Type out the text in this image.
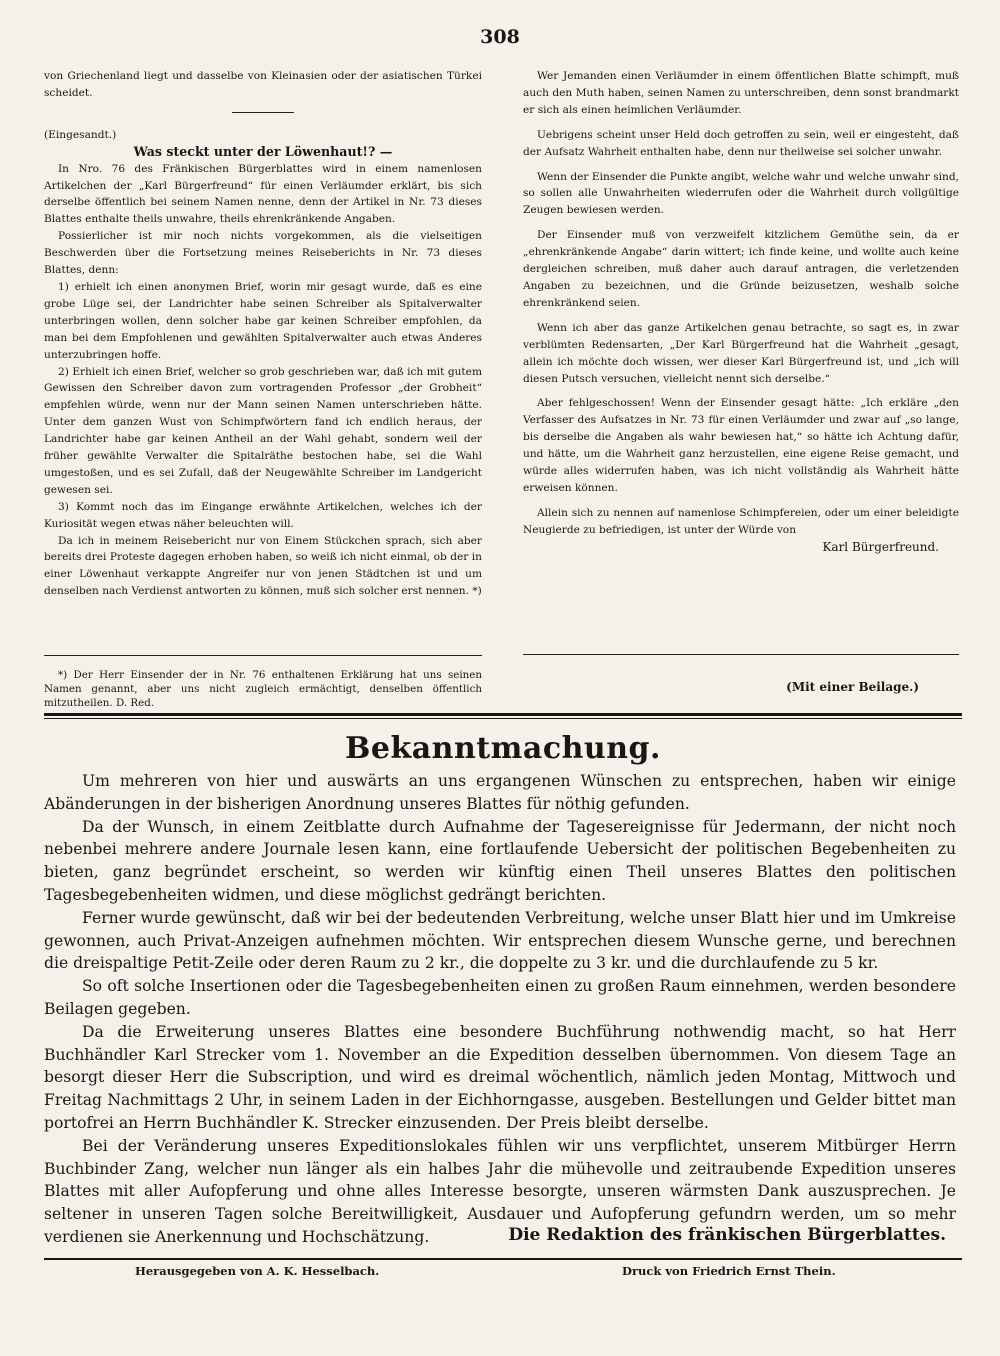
308

von Griechenland liegt und dasselbe von Kleinasien oder der asiatischen Türkei scheidet.

(Eingesandt.)

Was steckt unter der Löwenhaut!? —

In Nro. 76 des Fränkischen Bürgerblattes wird in einem namenlosen Artikelchen der „Karl Bürgerfreund“ für einen Verläumder erklärt, bis sich derselbe öffentlich bei seinem Namen nenne, denn der Artikel in Nr. 73 dieses Blattes enthalte theils unwahre, theils ehrenkränkende Angaben.

Possierlicher ist mir noch nichts vorgekommen, als die vielseitigen Beschwerden über die Fortsetzung meines Reiseberichts in Nr. 73 dieses Blattes, denn:

1) erhielt ich einen anonymen Brief, worin mir gesagt wurde, daß es eine grobe Lüge sei, der Landrichter habe seinen Schreiber als Spitalverwalter unterbringen wollen, denn solcher habe gar keinen Schreiber empfohlen, da man bei dem Empfohlenen und gewählten Spitalverwalter auch etwas Anderes unterzubringen hoffe.

2) Erhielt ich einen Brief, welcher so grob geschrieben war, daß ich mit gutem Gewissen den Schreiber davon zum vortragenden Professor „der Grobheit“ empfehlen würde, wenn nur der Mann seinen Namen unterschrieben hätte. Unter dem ganzen Wust von Schimpfwörtern fand ich endlich heraus, der Landrichter habe gar keinen Antheil an der Wahl gehabt, sondern weil der früher gewählte Verwalter die Spitalräthe bestochen habe, sei die Wahl umgestoßen, und es sei Zufall, daß der Neugewählte Schreiber im Landgericht gewesen sei.

3) Kommt noch das im Eingange erwähnte Artikelchen, welches ich der Kuriosität wegen etwas näher beleuchten will.

Da ich in meinem Reisebericht nur von Einem Stückchen sprach, sich aber bereits drei Proteste dagegen erhoben haben, so weiß ich nicht einmal, ob der in einer Löwenhaut verkappte Angreifer nur von jenen Städtchen ist und um denselben nach Verdienst antworten zu können, muß sich solcher erst nennen. *)

*) Der Herr Einsender der in Nr. 76 enthaltenen Erklärung hat uns seinen Namen genannt, aber uns nicht zugleich ermächtigt, denselben öffentlich mitzutheilen. D. Red.

Wer Jemanden einen Verläumder in einem öffentlichen Blatte schimpft, muß auch den Muth haben, seinen Namen zu unterschreiben, denn sonst brandmarkt er sich als einen heimlichen Verläumder.

Uebrigens scheint unser Held doch getroffen zu sein, weil er eingesteht, daß der Aufsatz Wahrheit enthalten habe, denn nur theilweise sei solcher unwahr.

Wenn der Einsender die Punkte angibt, welche wahr und welche unwahr sind, so sollen alle Unwahrheiten wiederrufen oder die Wahrheit durch vollgültige Zeugen bewiesen werden.

Der Einsender muß von verzweifelt kitzlichem Gemüthe sein, da er „ehrenkränkende Angabe“ darin wittert; ich finde keine, und wollte auch keine dergleichen schreiben, muß daher auch darauf antragen, die verletzenden Angaben zu bezeichnen, und die Gründe beizusetzen, weshalb solche ehrenkränkend seien.

Wenn ich aber das ganze Artikelchen genau betrachte, so sagt es, in zwar verblümten Redensarten, „Der Karl Bürgerfreund hat die Wahrheit „gesagt, allein ich möchte doch wissen, wer dieser Karl Bürgerfreund ist, und „ich will diesen Putsch versuchen, vielleicht nennt sich derselbe.“

Aber fehlgeschossen! Wenn der Einsender gesagt hätte: „Ich erkläre „den Verfasser des Aufsatzes in Nr. 73 für einen Verläumder und zwar auf „so lange, bis derselbe die Angaben als wahr bewiesen hat,“ so hätte ich Achtung dafür, und hätte, um die Wahrheit ganz herzustellen, eine eigene Reise gemacht, und würde alles widerrufen haben, was ich nicht vollständig als Wahrheit hätte erweisen können.

Allein sich zu nennen auf namenlose Schimpfereien, oder um einer beleidigte Neugierde zu befriedigen, ist unter der Würde von

Karl Bürgerfreund.

(Mit einer Beilage.)
Bekanntmachung.

Um mehreren von hier und auswärts an uns ergangenen Wünschen zu entsprechen, haben wir einige Abänderungen in der bisherigen Anordnung unseres Blattes für nöthig gefunden.

Da der Wunsch, in einem Zeitblatte durch Aufnahme der Tagesereignisse für Jedermann, der nicht noch nebenbei mehrere andere Journale lesen kann, eine fortlaufende Uebersicht der politischen Begebenheiten zu bieten, ganz begründet erscheint, so werden wir künftig einen Theil unseres Blattes den politischen Tagesbegebenheiten widmen, und diese möglichst gedrängt berichten.

Ferner wurde gewünscht, daß wir bei der bedeutenden Verbreitung, welche unser Blatt hier und im Umkreise gewonnen, auch Privat-Anzeigen aufnehmen möchten. Wir entsprechen diesem Wunsche gerne, und berechnen die dreispaltige Petit-Zeile oder deren Raum zu 2 kr., die doppelte zu 3 kr. und die durchlaufende zu 5 kr.

So oft solche Insertionen oder die Tagesbegebenheiten einen zu großen Raum einnehmen, werden besondere Beilagen gegeben.

Da die Erweiterung unseres Blattes eine besondere Buchführung nothwendig macht, so hat Herr Buchhändler Karl Strecker vom 1. November an die Expedition desselben übernommen. Von diesem Tage an besorgt dieser Herr die Subscription, und wird es dreimal wöchentlich, nämlich jeden Montag, Mittwoch und Freitag Nachmittags 2 Uhr, in seinem Laden in der Eichhorngasse, ausgeben. Bestellungen und Gelder bittet man portofrei an Herrn Buchhändler K. Strecker einzusenden. Der Preis bleibt derselbe.

Bei der Veränderung unseres Expeditionslokales fühlen wir uns verpflichtet, unserem Mitbürger Herrn Buchbinder Zang, welcher nun länger als ein halbes Jahr die mühevolle und zeitraubende Expedition unseres Blattes mit aller Aufopferung und ohne alles Interesse besorgte, unseren wärmsten Dank auszusprechen. Je seltener in unseren Tagen solche Bereitwilligkeit, Ausdauer und Aufopferung gefundrn werden, um so mehr verdienen sie Anerkennung und Hochschätzung.	Die Redaktion des fränkischen Bürgerblattes.
Herausgegeben von A. K. Hesselbach.	Druck von Friedrich Ernst Thein.
